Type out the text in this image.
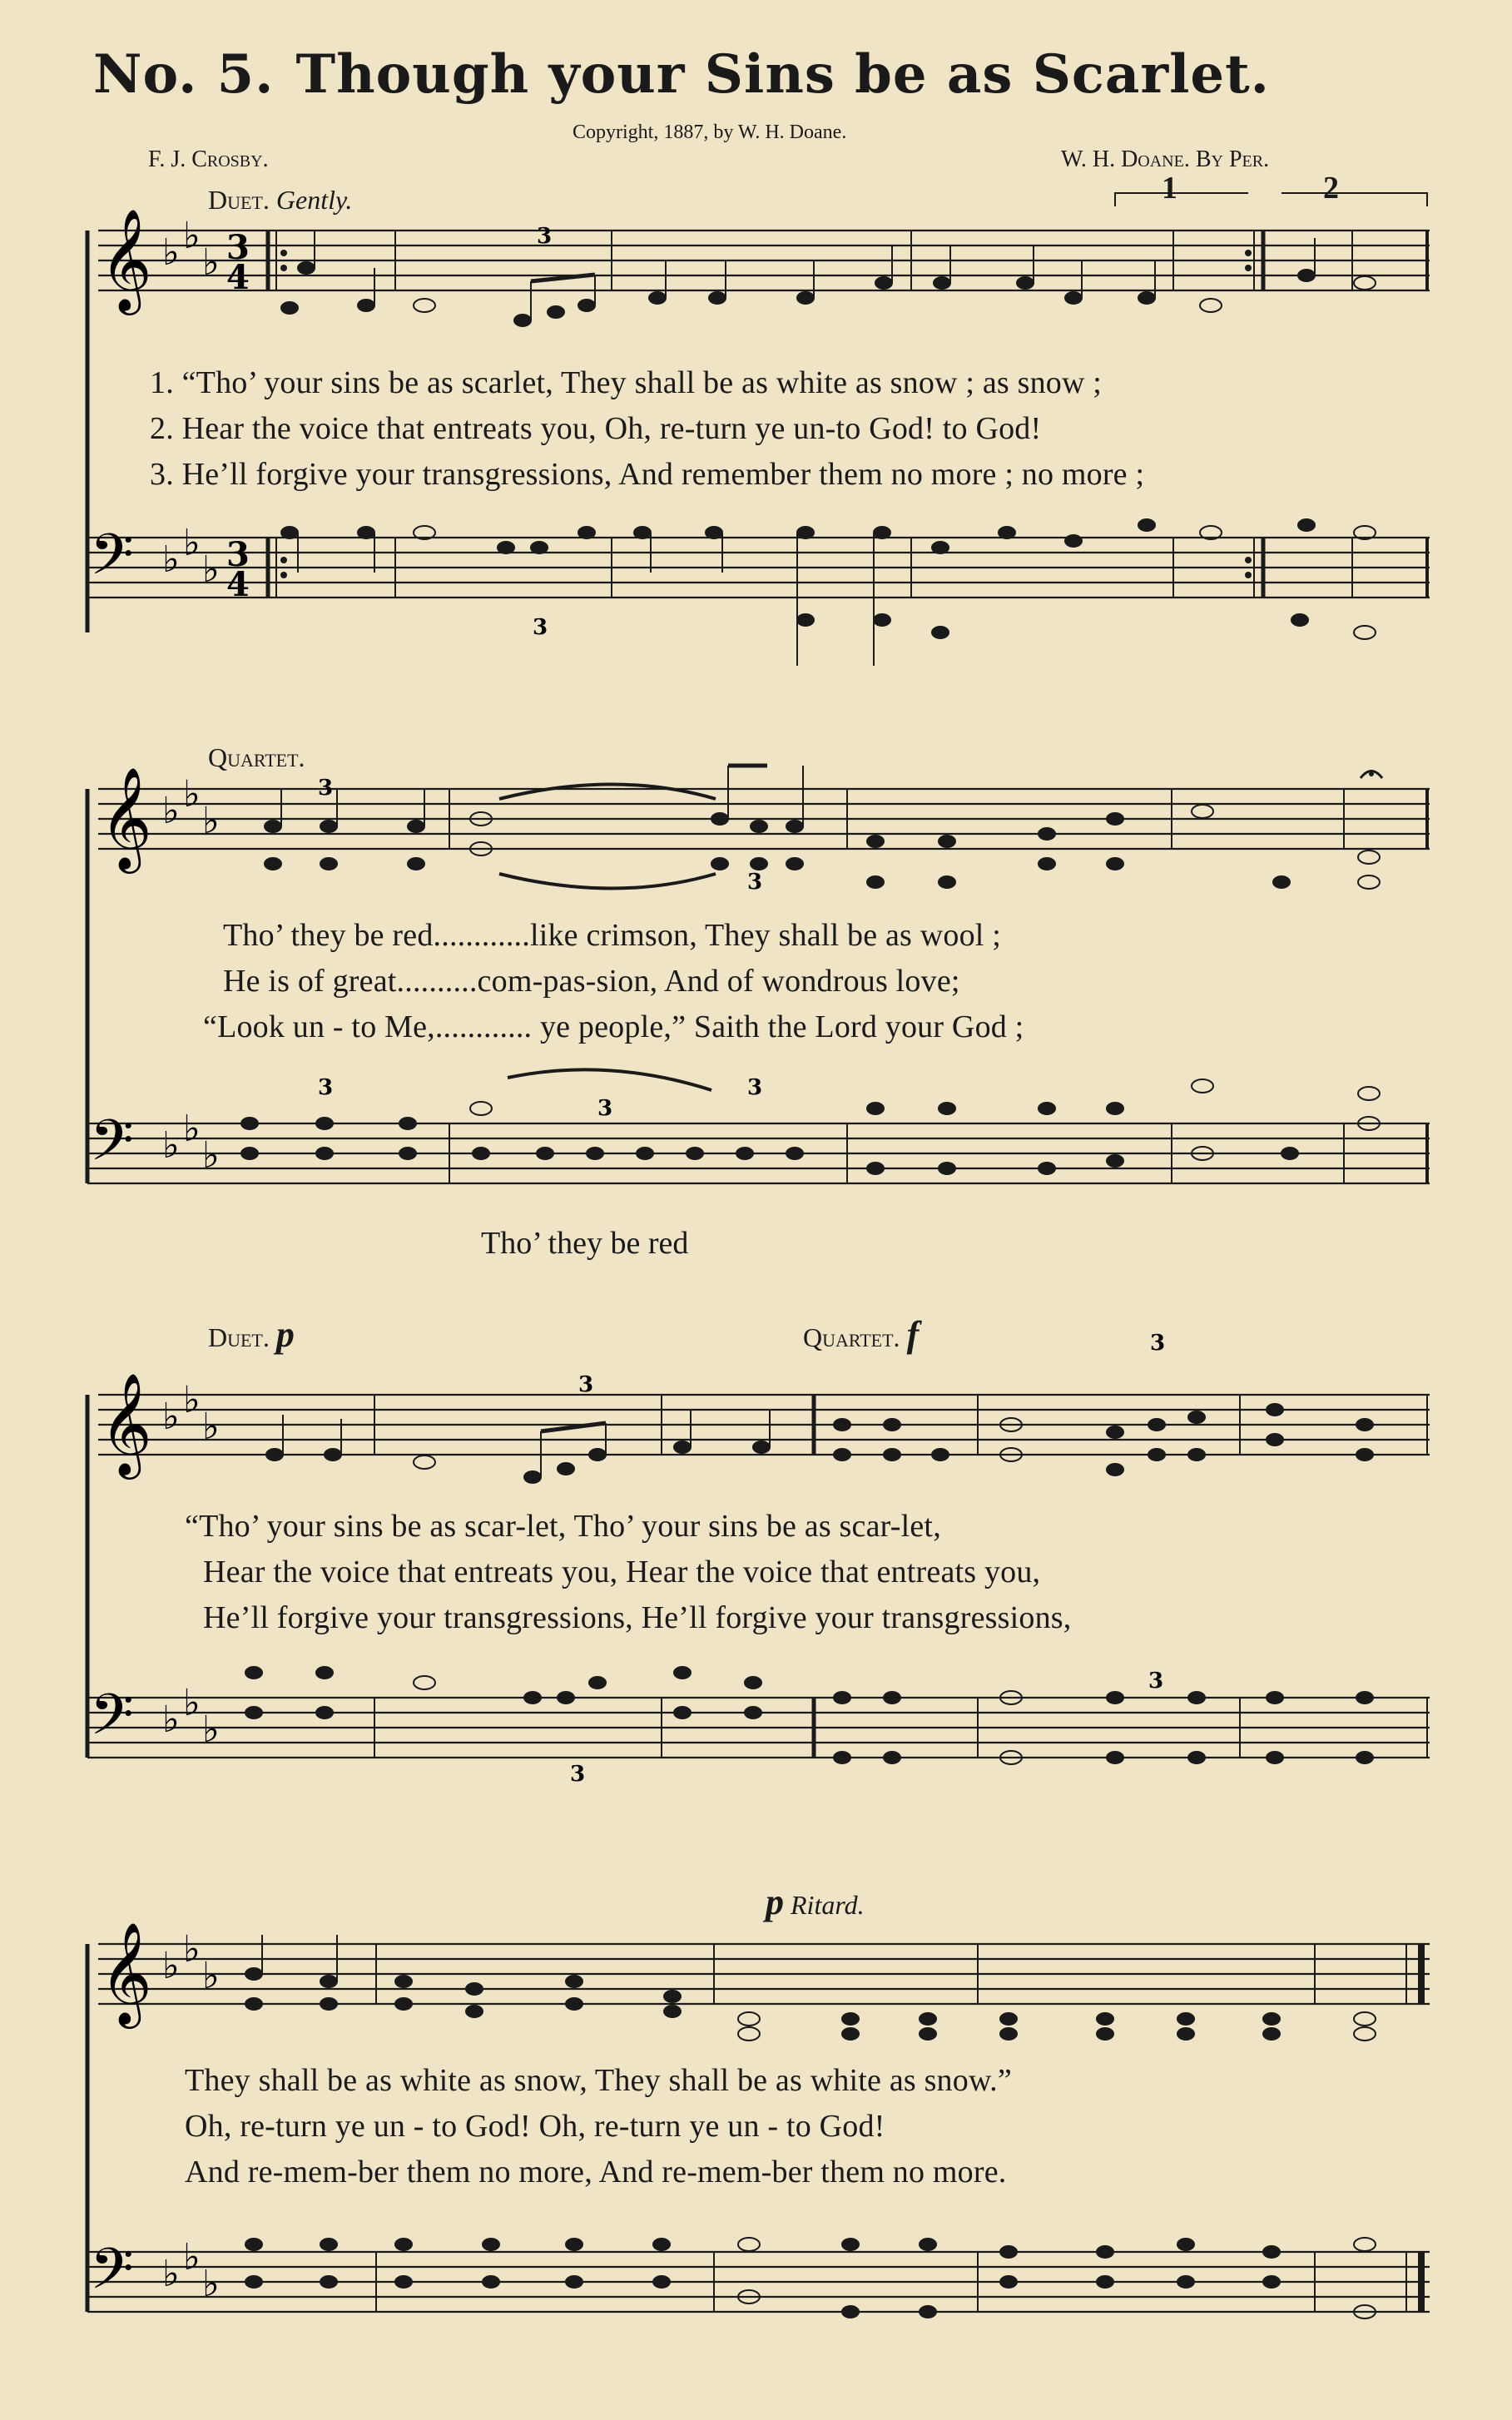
No. 5. Though your Sins be as Scarlet.
Copyright, 1887, by W. H. Doane.
F. J. Crosby.	W. H. Doane. By Per.
Duet. Gently.	1	2
𝄞
𝄢
♭ ♭
♭
♭ ♭
♭
3
4
3
4
3
3
1. “Tho’ your sins be as scarlet, They shall be as white as snow ; as snow ;
2. Hear the voice that entreats you, Oh, re-turn ye un-to God! to God!
3. He’ll forgive your transgressions, And remember them no more ; no more ;
Quartet.
𝄞
𝄢
♭ ♭
♭
♭ ♭
♭
3
3
3
3
3
Tho’ they be red............like crimson, They shall be as wool ;
He is of great..........com-pas-sion, And of wondrous love;
“Look un - to Me,............ ye people,” Saith the Lord your God ;
Tho’ they be red
Duet. p	Quartet. f
𝄞
𝄢
♭ ♭
♭
♭ ♭
♭
3
3
3
3
“Tho’ your sins be as scar-let, Tho’ your sins be as scar-let,
Hear the voice that entreats you, Hear the voice that entreats you,
He’ll forgive your transgressions, He’ll forgive your transgressions,
p Ritard.
𝄞
𝄢
♭ ♭
♭
♭ ♭
♭
They shall be as white as snow, They shall be as white as snow.”
Oh, re-turn ye un - to God! Oh, re-turn ye un - to God!
And re-mem-ber them no more, And re-mem-ber them no more.
